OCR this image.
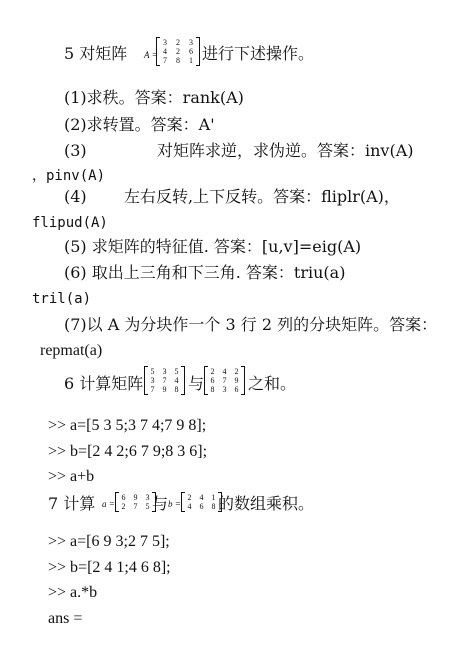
5 对矩阵 A =
3 2 3
4 2 6
7 8 1 进行下述操作。
(1)求秩。答案：rank(A)
(2)求转置。答案：A'
(3)	对矩阵求逆，求伪逆。答案：inv(A)
，pinv(A)
(4) 左右反转,上下反转。答案：fliplr(A)，
flipud(A)
(5) 求矩阵的特征值. 答案：[u,v]=eig(A)
(6) 取出上三角和下三角. 答案：triu(a)
tril(a)
(7)以 A 为分块作一个 3 行 2 列的分块矩阵。答案：
repmat(a)
6 计算矩阵
5 3 5
3 7 4
7 9 8 与
2 4 2
6 7 9
8 3 6 之和。
>> a=[5 3 5;3 7 4;7 9 8];
>> b=[2 4 2;6 7 9;8 3 6];
>> a+b
7 计算 a =
6 9 3
2 7 5 与 b =
2 4 1
4 6 8 的数组乘积。
>> a=[6 9 3;2 7 5];
>> b=[2 4 1;4 6 8];
>> a.*b
ans =
